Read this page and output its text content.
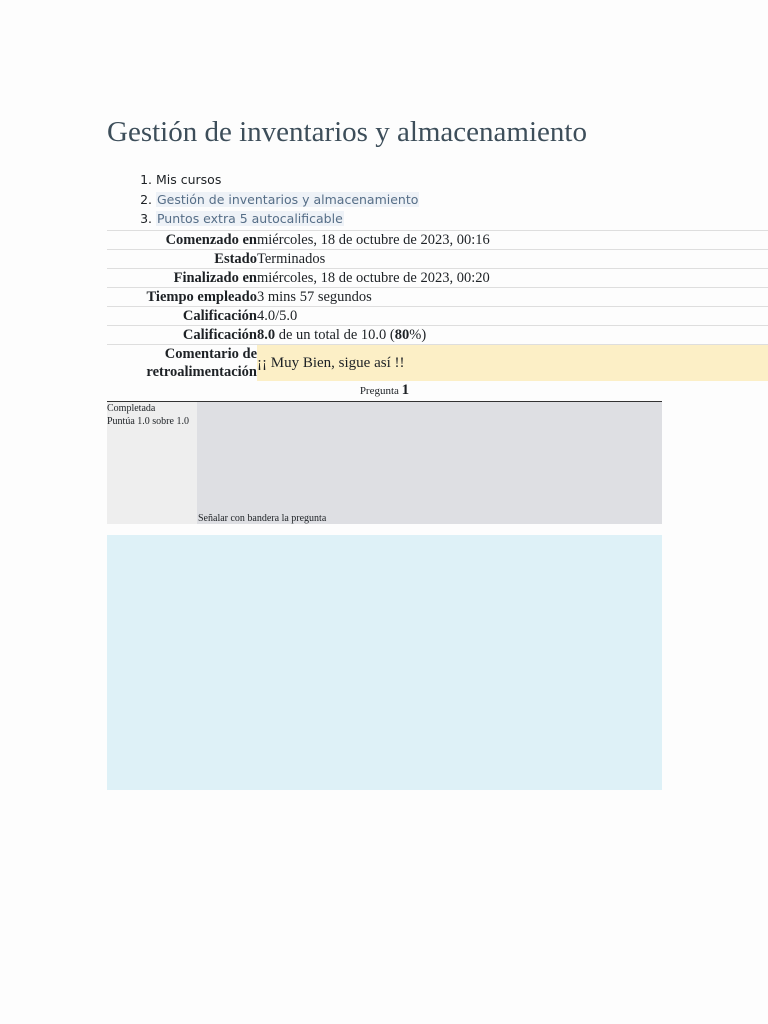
Gestión de inventarios y almacenamiento
1. Mis cursos
2. Gestión de inventarios y almacenamiento
3. Puntos extra 5 autocalificable
Comenzado en	miércoles, 18 de octubre de 2023, 00:16
Estado	Terminados
Finalizado en	miércoles, 18 de octubre de 2023, 00:20
Tiempo empleado	3 mins 57 segundos
Calificación	4.0/5.0
Calificación	8.0 de un total de 10.0 (80%)

Comentario de
retroalimentación	¡¡ Muy Bien, sigue así !!
Pregunta 1
Completada
Puntúa 1.0 sobre 1.0
Señalar con bandera la pregunta
